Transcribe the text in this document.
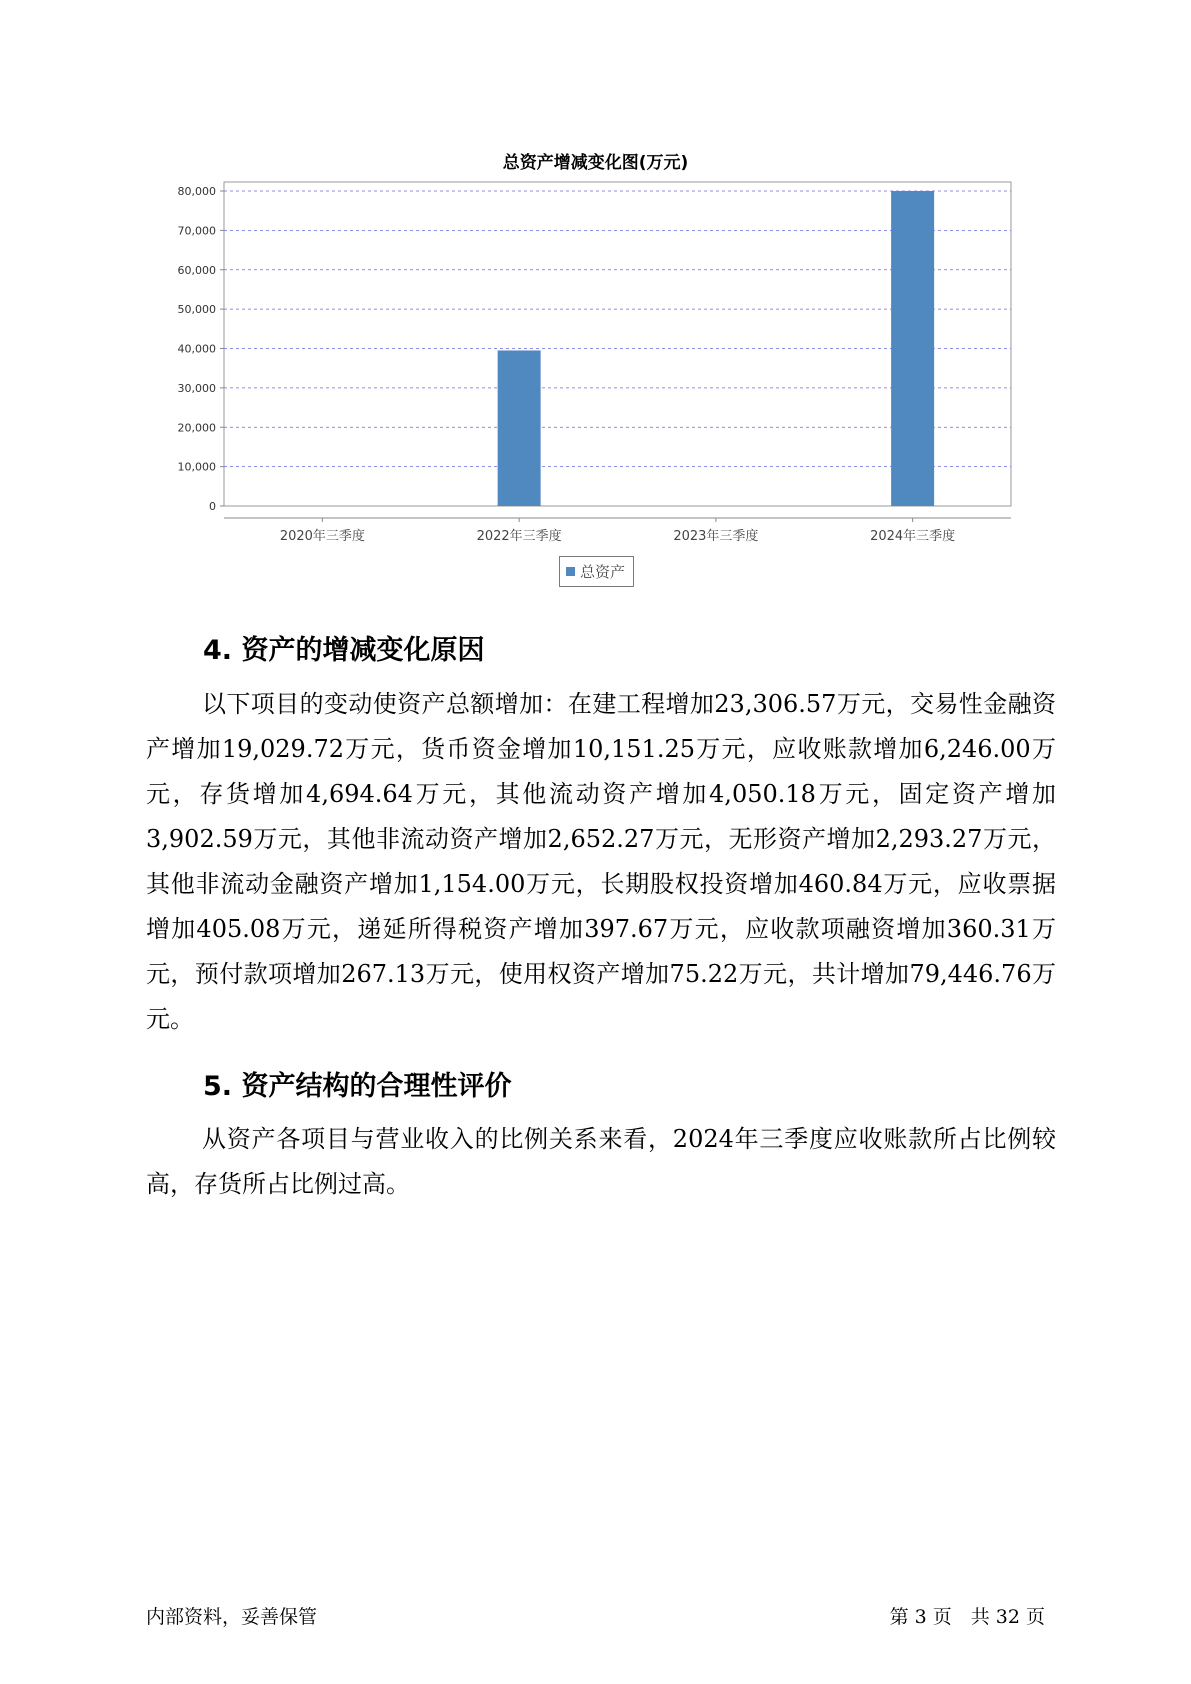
总资产增减变化图(万元)
0
10,000
20,000
30,000
40,000
50,000
60,000
70,000
80,000
2020年三季度	2022年三季度	2023年三季度	2024年三季度
总资产
4. 资产的增减变化原因

以下项目的变动使资产总额增加：在建工程增加23,306.57万元，交易性金融资产增加19,029.72万元，货币资金增加10,151.25万元，应收账款增加6,246.00万元，存货增加4,694.64万元，其他流动资产增加4,050.18万元，固定资产增加3,902.59万元，其他非流动资产增加2,652.27万元，无形资产增加2,293.27万元，其他非流动金融资产增加1,154.00万元，长期股权投资增加460.84万元，应收票据增加405.08万元，递延所得税资产增加397.67万元，应收款项融资增加360.31万元，预付款项增加267.13万元，使用权资产增加75.22万元，共计增加79,446.76万元。

5. 资产结构的合理性评价

从资产各项目与营业收入的比例关系来看，2024年三季度应收账款所占比例较高，存货所占比例过高。

内部资料，妥善保管	第 3 页　共 32 页
